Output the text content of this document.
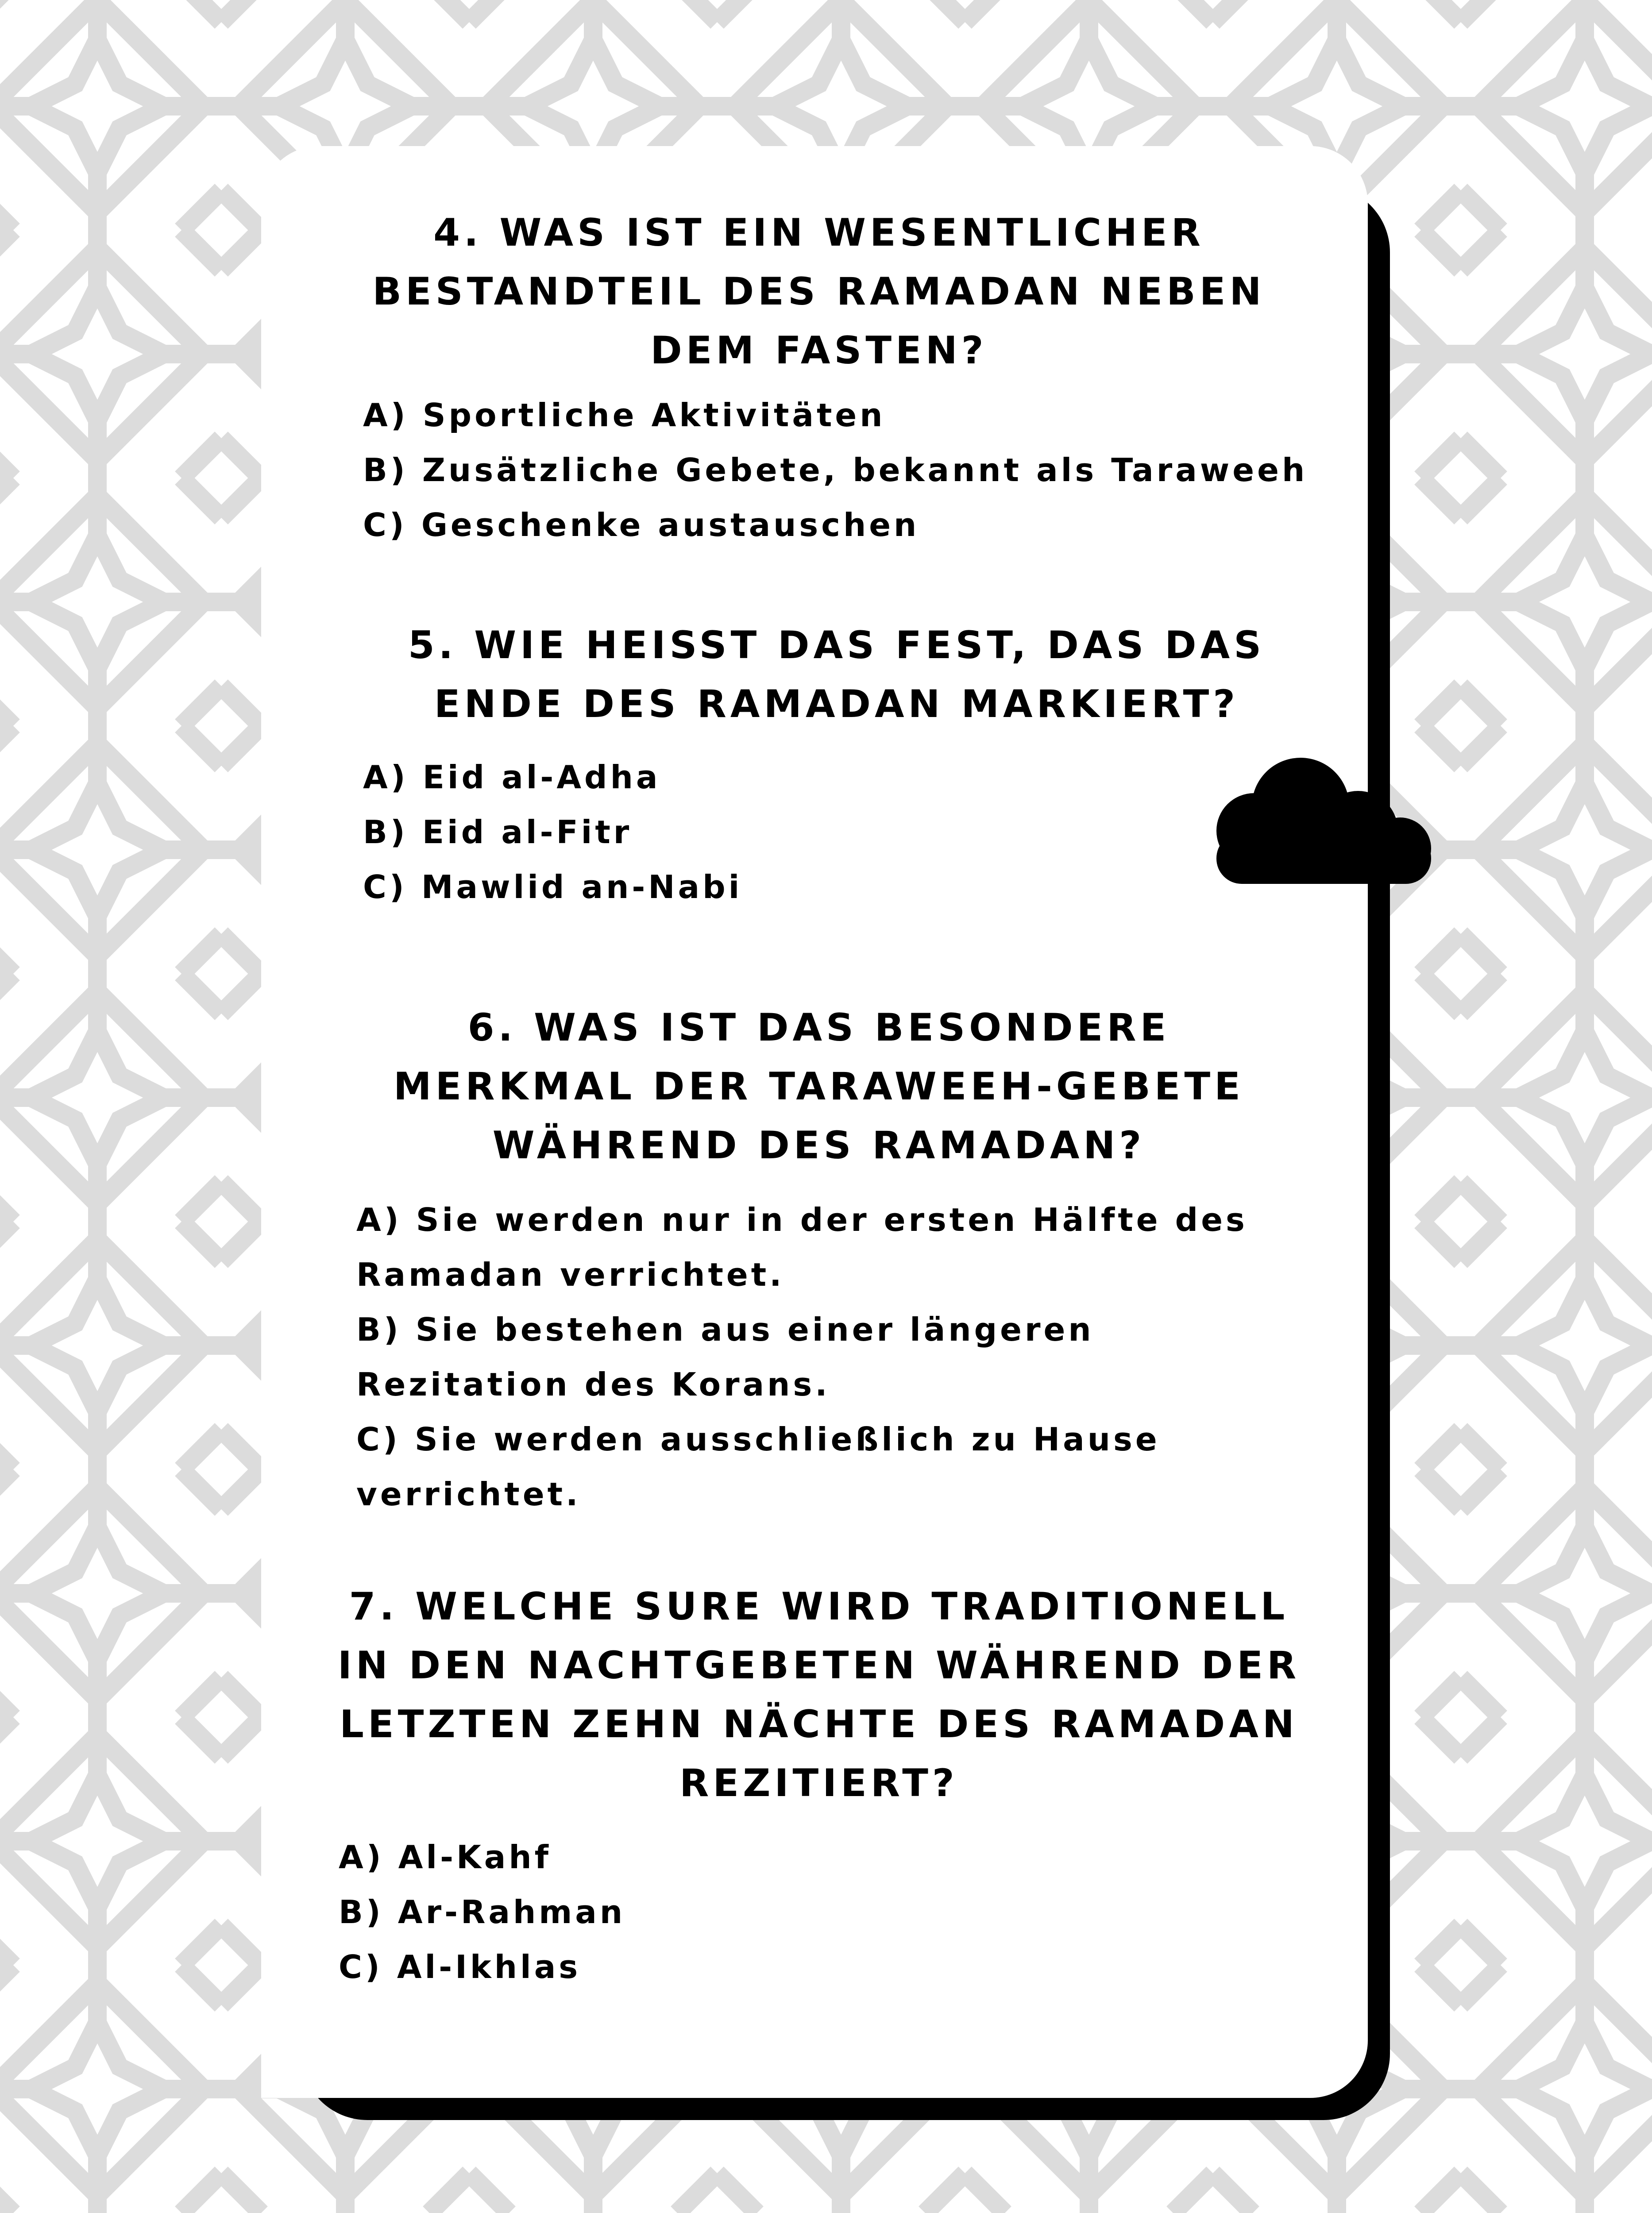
4. WAS IST EIN WESENTLICHER BESTANDTEIL DES RAMADAN NEBEN DEM FASTEN?
A) Sportliche Aktivitäten
B) Zusätzliche Gebete, bekannt als Taraweeh
C) Geschenke austauschen
5. WIE HEISST DAS FEST, DAS DAS ENDE DES RAMADAN MARKIERT?
A) Eid al-Adha
B) Eid al-Fitr
C) Mawlid an-Nabi
6. WAS IST DAS BESONDERE MERKMAL DER TARAWEEH-GEBETE WÄHREND DES RAMADAN?
A) Sie werden nur in der ersten Hälfte des Ramadan verrichtet.
B) Sie bestehen aus einer längeren Rezitation des Korans.
C) Sie werden ausschließlich zu Hause verrichtet.
7. WELCHE SURE WIRD TRADITIONELL IN DEN NACHTGEBETEN WÄHREND DER LETZTEN ZEHN NÄCHTE DES RAMADAN REZITIERT?
A) Al-Kahf
B) Ar-Rahman
C) Al-Ikhlas
